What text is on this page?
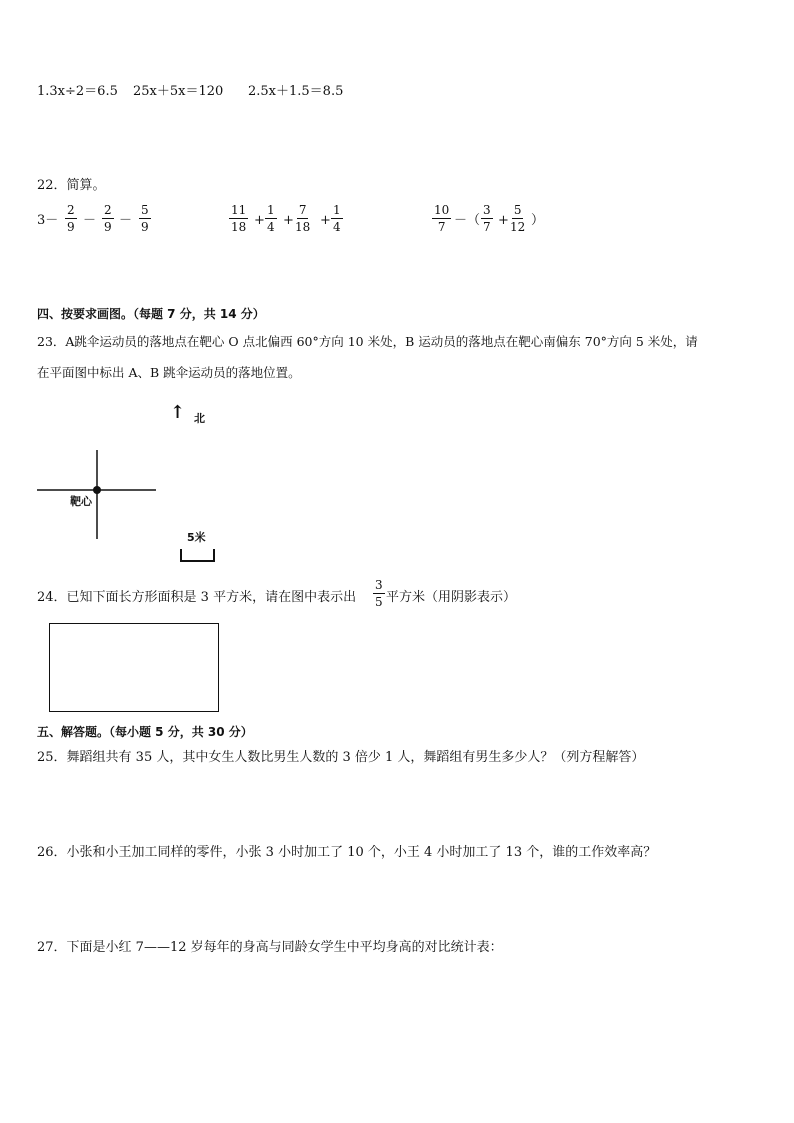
1.3x÷2＝6.5 25x＋5x＝120 2.5x＋1.5＝8.5
22．简算。
$3- \frac{2}{9} - \frac{2}{9} - \frac{5}{9}$	$\frac{11}{18} + \frac{1}{4} + \frac{7}{18} + \frac{1}{4}$	$\frac{10}{7}$ －（ $\frac{3}{7} + \frac{5}{12}$ ）
四、按要求画图。（每题 7 分，共 14 分）
23．A跳伞运动员的落地点在靶心 O 点北偏西 60°方向 10 米处，B 运动员的落地点在靶心南偏东 70°方向 5 米处，请
在平面图中标出 A、B 跳伞运动员的落地位置。
↑ 北
靶心
5米
24．已知下面长方形面积是 3 平方米，请在图中表示出 $\frac{3}{5}$ 平方米（用阴影表示）
五、解答题。（每小题 5 分，共 30 分）
25．舞蹈组共有 35 人，其中女生人数比男生人数的 3 倍少 1 人，舞蹈组有男生多少人？（列方程解答）
26．小张和小王加工同样的零件，小张 3 小时加工了 10 个，小王 4 小时加工了 13 个，谁的工作效率高？
27．下面是小红 7——12 岁每年的身高与同龄女学生中平均身高的对比统计表：
